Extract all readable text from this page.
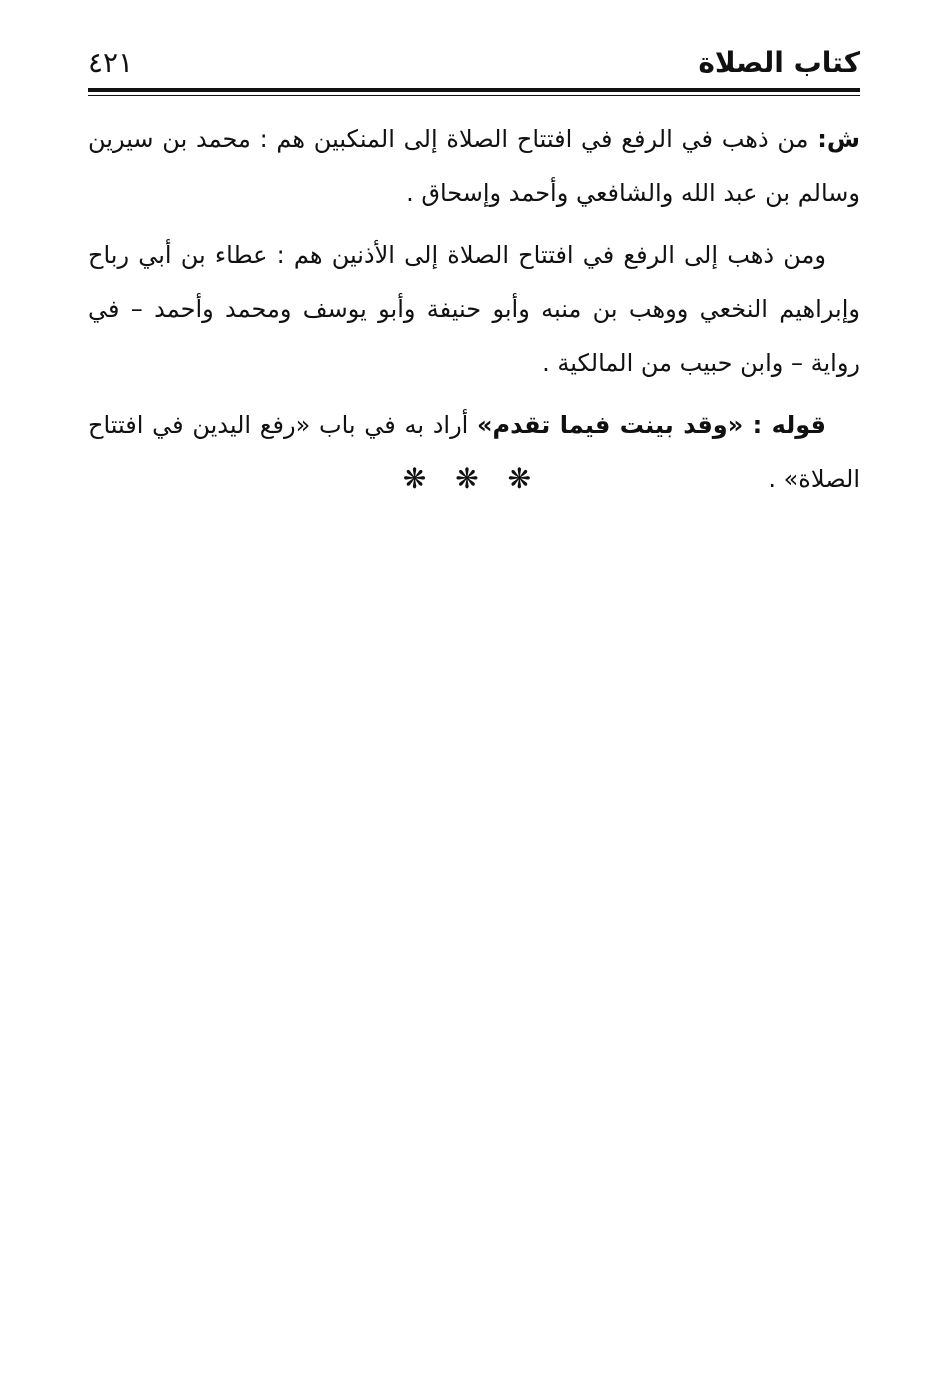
كتاب الصلاة
٤٢١

ش: من ذهب في الرفع في افتتاح الصلاة إلى المنكبين هم : محمد بن سيرين وسالم بن عبد الله والشافعي وأحمد وإسحاق .

ومن ذهب إلى الرفع في افتتاح الصلاة إلى الأذنين هم : عطاء بن أبي رباح وإبراهيم النخعي ووهب بن منبه وأبو حنيفة وأبو يوسف ومحمد وأحمد – في رواية – وابن حبيب من المالكية .

قوله : «وقد بينت فيما تقدم» أراد به في باب «رفع اليدين في افتتاح الصلاة» .

❋ ❋ ❋
